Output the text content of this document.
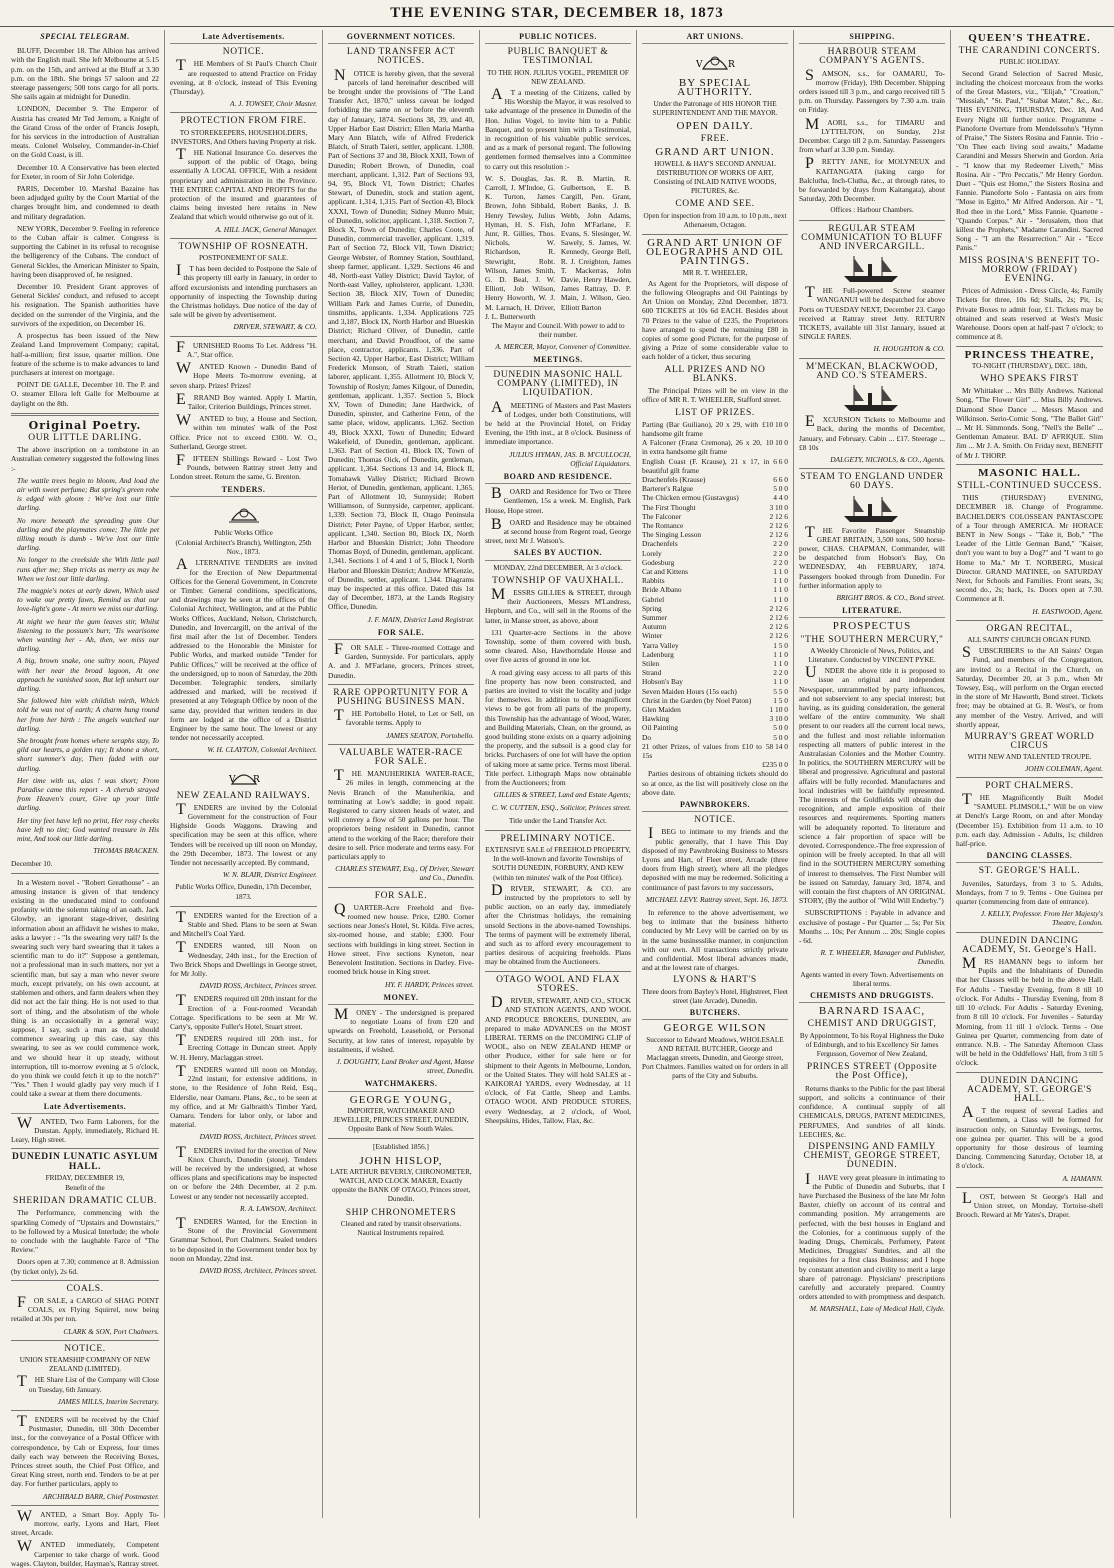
THE EVENING STAR, DECEMBER 18, 1873
SPECIAL TELEGRAM.

BLUFF, December 18. The Albion has arrived with the English mail. She left Melbourne at 5.15 p.m. on the 15th, and arrived at the Bluff at 3.30 p.m. on the 18th. She brings 57 saloon and 22 steerage passengers; 500 tons cargo for all ports. She sails again at midnight for Dunedin.

LONDON, December 9. The Emperor of Austria has created Mr Ted Jernom, a Knight of the Grand Cross of the order of Francis Joseph, for his services in the introduction of Australian meats. Colonel Wolseley, Commander-in-Chief on the Gold Coast, is ill.

December 10. A Conservative has been elected for Exeter, in room of Sir John Coleridge.

PARIS, December 10. Marshal Bazaine has been adjudged guilty by the Court Martial of the charges brought him, and condemned to death and military degradation.

NEW YORK, December 9. Feeling in reference to the Cuban affair is calmer. Congress is supporting the Cabinet in its refusal to recognise the belligerency of the Cubans. The conduct of General Sickles, the American Minister to Spain, having been disapproved of, he resigned.

December 10. President Grant approves of General Sickles' conduct, and refused to accept his resignation. The Spanish authorities have decided on the surrender of the Virginia, and the survivors of the expedition, on December 16.

A prospectus has been issued of the New Zealand Land Improvement Company; capital, half-a-million; first issue, quarter million. One feature of the scheme is to make advances to land purchasers at interest on mortgage.

POINT DE GALLE, December 10. The P. and O. steamer Ellora left Galle for Melbourne at daylight on the 8th.

Original Poetry.
OUR LITTLE DARLING.

The above inscription on a tombstone in an Australian cemetery suggested the following lines :-

The wattle trees begin to bloom, And load the air with sweet perfume; But spring's green robe is edged with gloom : We've lost our little darling.

No more beneath the spreading gum Our darling and the playmates come; The little pet tilling mouth is dumb - We've lost our little darling.

No longer to the creekside she With little pail runs after me; Shep tricks as merry as may be When we lost our little darling.

The magpie's notes at early dawn, Which used to wake our pretty fawn, Remind us that our love-light's gone - At morn we miss our darling.

At night we hear the gum leaves stir, Whilst listening to the possum's burr, 'Tis wearisome when wanting her - Ah, then, we miss our darling.

A big, brown snake, one sultry noon, Played with her near the broad lagoon, At one approach he vanished soon, But left unhurt our darling.

She followed him with childish mirth, Which told he was not of earth; A charm hung round her from her birth : The angels watched our darling.

She brought from homes where seraphs stay, To gild our hearts, a golden ray; It shone a short, short summer's day, Then faded with our darling.

Her time with us, alas ! was short; From Paradise came this report - A cherub strayed from Heaven's court, Give up your little darling.

Her tiny feet have left no print, Her rosy cheeks have left no tint; God wanted treasure in His mint, And took our little darling.

THOMAS BRACKEN.
December 10.

In a Western novel - "Robert Greathouse" - an amusing instance is given of that tendency existing in the uneducated mind to confound profanity with the solemn taking of an oath. Jack Glowby, an ignorant stage-driver, desiring information about an affidavit he wishes to make, asks a lawyer : - "Is the swearing very tall? Is the swearing such very hard swearing that it takes a scientific man to do it?" Suppose a gentleman, not a professional man in such matters, nor yet a scientific man, but say a man who never swore much, except privately, on his own account, at stablemen and others, and farm dealers when they did not act the fair thing. He is not used to that sort of thing, and the absolutism of the whole thing is an occasionally in a general way; suppose, I say, such a man as that should commence swearing up this case, say this swearing, to see as we could commence work, and we should hear it up steady, without interruption, till to-morrow evening at 5 o'clock, do you think we could fetch it up to the notch?" "Yes." Then I would gladly pay very much if I could take a swear at them there documents.

Late Advertisements.

WANTED, Two Farm Laborers, for the Dunstan. Apply, immediately, Richard H. Leary, High street.

DUNEDIN LUNATIC ASYLUM HALL.
FRIDAY, DECEMBER 19,
Benefit of the
SHERIDAN DRAMATIC CLUB.

The Performance, commencing with the sparkling Comedy of "Upstairs and Downstairs," to be followed by a Musical Interlude; the whole to conclude with the laughable Farce of "The Review."

Doors open at 7.30; commence at 8. Admission (by ticket only), 2s 6d.

COALS.

FOR SALE, a CARGO of SHAG POINT COALS, ex Flying Squirrel, now being retailed at 30s per ton.

CLARK & SON, Port Chalmers.
NOTICE.
UNION STEAMSHIP COMPANY OF NEW ZEALAND (LIMITED).

THE Share List of the Company will Close on Tuesday, 6th January.

JAMES MILLS, Interim Secretary.

TENDERS will be received by the Chief Postmaster, Dunedin, till 30th December inst., for the conveyance of a Postal Officer with correspondence, by Cab or Express, four times daily each way between the Receiving Boxes, Princes street south, the Chief Post Office, and Great King street, north end. Tenders to be at per day. For further particulars, apply to

ARCHIBALD BARR, Chief Postmaster.

WANTED, a Smart Boy. Apply To-morrow, early, Lyons and Hart, Fleet street, Arcade.

WANTED immediately, Competent Carpenter to take charge of work. Good wages. Clayton, builder, Hayman's, Rattray street.

Late Advertisements.
NOTICE.

THE Members of St Paul's Church Choir are requested to attend Practice on Friday evening, at 8 o'clock, instead of This Evening (Thursday).

A. J. TOWSEY, Choir Master.
PROTECTION FROM FIRE.
TO STOREKEEPERS, HOUSEHOLDERS, INVESTORS, And Others having Property at risk.

THE National Insurance Co. deserves the support of the public of Otago, being essentially A LOCAL OFFICE, With a resident proprietary and administration in the Province. THE ENTIRE CAPITAL AND PROFITS for the protection of the insured and guarantees of claims being invested here retains in New Zealand that which would otherwise go out of it.

A. HILL JACK, General Manager.
TOWNSHIP OF ROSNEATH.
POSTPONEMENT OF SALE.

IT has been decided to Postpone the Sale of this property till early in January, in order to afford excursionists and intending purchasers an opportunity of inspecting the Township during the Christmas holidays. Due notice of the day of sale will be given by advertisement.

DRIVER, STEWART, & CO.

FURNISHED Rooms To Let. Address "H. A.", Star office.

WANTED Known - Dunedin Band of Hope Meets To-morrow evening, at seven sharp. Prizes! Prizes!

ERRAND Boy wanted. Apply I. Martin, Tailor, Criterion Buildings, Princes street.

WANTED to buy, a House and Section, within ten minutes' walk of the Post Office. Price not to exceed £300. W. O., Sutherland, George street.

FIFTEEN Shillings Reward - Lost Two Pounds, between Rattray street Jetty and London street. Return the same, G. Brenton.

TENDERS.
Public Works Office
(Colonial Architect's Branch), Wellington, 25th Nov., 1873.

ALTERNATIVE TENDERS are invited for the Erection of New Departmental Offices for the General Government, in Concrete or Timber. General conditions, specifications, and drawings may be seen at the offices of the Colonial Architect, Wellington, and at the Public Works Offices, Auckland, Nelson, Christchurch, Dunedin, and Invercargill, on the arrival of the first mail after the 1st of December. Tenders addressed to the Honorable the Minister for Public Works, and marked outside "Tender for Public Offices," will be received at the office of the undersigned, up to noon of Saturday, the 20th December. Telegraphic tenders, similarly addressed and marked, will be received if presented at any Telegraph Office by noon of the same day, provided that written tenders in due form are lodged at the office of a District Engineer by the same hour. The lowest or any tender not necessarily accepted.

W. H. CLAYTON, Colonial Architect.
V R
NEW ZEALAND RAILWAYS.

TENDERS are invited by the Colonial Government for the construction of Four Highside Goods Waggons. Drawing and specification may be seen at this office, where Tenders will be received up till noon on Monday, the 29th December, 1873. The lowest or any Tender not necessarily accepted. By command,

W. N. BLAIR, District Engineer.
Public Works Office, Dunedin, 17th December, 1873.

TENDERS wanted for the Erection of a Stable and Shed. Plans to be seen at Swan and Mitchell's Coal Yard.

TENDERS wanted, till Noon on Wednesday, 24th inst., for the Erection of Two Brick Shops and Dwellings in George street, for Mr Jolly.

DAVID ROSS, Architect, Princes street.

TENDERS required till 20th instant for the Erection of a Four-roomed Verandah Cottage. Specifications to be seen at Mr W. Carty's, opposite Fuller's Hotel, Stuart street.

TENDERS required till 20th inst., for Erecting Cottage in Duncan street. Apply W. H. Henry, Maclaggan street.

TENDERS wanted till noon on Monday, 22nd instant, for extensive additions, in stone, to the Residence of John Reid, Esq., Elderslie, near Oamaru. Plans, &c., to be seen at my office, and at Mr Galbraith's Timber Yard, Oamaru. Tenders for labor only, or labor and material.

DAVID ROSS, Architect, Princes street.

TENDERS invited for the erection of New Knox Church, Dunedin (stone). Tenders will be received by the undersigned, at whose offices plans and specifications may be inspected on or before the 24th December, at 2 p.m. Lowest or any tender not necessarily accepted.

R. A. LAWSON, Architect.

TENDERS Wanted, for the Erection in Stone of the Provincial Government Grammar School, Port Chalmers. Sealed tenders to be deposited in the Government tender box by noon on Monday, 22nd inst.

DAVID ROSS, Architect, Princes street.
GOVERNMENT NOTICES.
LAND TRANSFER ACT NOTICES.

NOTICE is hereby given, that the several parcels of land hereinafter described will be brought under the provisions of "The Land Transfer Act, 1870," unless caveat be lodged forbidding the same on or before the eleventh day of January, 1874. Sections 38, 39, and 40, Upper Harbor East District; Ellen Maria Martha Mary Ann Blatch, wife of Alfred Frederick Blatch, of Strath Taieri, settler, applicant. 1,308. Part of Sections 37 and 38, Block XXII, Town of Dunedin; Robert Brown, of Dunedin, coal merchant, applicant. 1,312. Part of Sections 93, 94, 95, Block VI, Town District; Charles Stewart, of Dunedin, stock and station agent, applicant. 1,314, 1,315. Part of Section 43, Block XXXI, Town of Dunedin; Sidney Munro Muir, of Dunedin, solicitor, applicant. 1,318. Section 7, Block X, Town of Dunedin; Charles Coote, of Dunedin, commercial traveller, applicant. 1,319. Part of Section 72, Block VII, Town District; George Webster, of Romney Station, Southland, sheep farmer, applicant. 1,329. Sections 46 and 48, North-east Valley District; David Taylor, of North-east Valley, upholsterer, applicant. 1,330. Section 38, Block XIV, Town of Dunedin; William Park and James Currie, of Dunedin, tinsmiths, applicants. 1,334. Applications 725 and 3,187, Block IX, North Harbor and Blueskin District; Richard Oliver, of Dunedin, cattle merchant, and David Proudfoot, of the same place, contractor, applicants. 1,336. Part of Section 42, Upper Harbor, East District; William Frederick Monson, of Strath Taieri, station laborer, applicant. 1,355. Allotment 10, Block V, Township of Roslyn; James Kilgour, of Dunedin, gentleman, applicant. 1,357. Section 5, Block XV, Town of Dunedin; Jane Hardwick, of Dunedin, spinster, and Catherine Fenn, of the same place, widow, applicants. 1,362. Section 49, Block XXXI, Town of Dunedin; Edward Wakefield, of Dunedin, gentleman, applicant. 1,363. Part of Section 41, Block IX, Town of Dunedin; Thomas Oick, of Dunedin, gentleman, applicant. 1,364. Sections 13 and 14, Block II, Tomahawk Valley District; Richard Brown Heriot, of Dunedin, gentleman, applicant. 1,365. Part of Allotment 10, Sunnyside; Robert Williamson, of Sunnyside, carpenter, applicant. 1,339. Section 73, Block II, Otago Peninsula District; Peter Payne, of Upper Harbor, settler, applicant. 1,340. Section 80, Block IX, North Harbor and Blueskin District; John Theodore Thomas Boyd, of Dunedin, gentleman, applicant. 1,341. Sections 1 of 4 and 1 of 5, Block I, North Harbor and Blueskin District; Andrew M'Kenzie, of Dunedin, settler, applicant. 1,344. Diagrams may be inspected at this office. Dated this 1st day of December, 1873, at the Lands Registry Office, Dunedin.

J. F. MAIN, District Land Registrar.
FOR SALE.

FOR SALE - Three-roomed Cottage and Garden, Sunnyside. For particulars, apply A. and J. M'Farlane, grocers, Princes street, Dunedin.

RARE OPPORTUNITY FOR A PUSHING BUSINESS MAN.

THE Portobello Hotel, to Let or Sell, on favorable terms. Apply to

JAMES SEATON, Portobello.
VALUABLE WATER-RACE FOR SALE.

THE MANUHERIKIA WATER-RACE, 26 miles in length, commencing at the Nevis Branch of the Manuherikia, and terminating at Low's saddle; in good repair. Registered to carry sixteen heads of water, and will convey a flow of 50 gallons per hour. The proprietors being resident in Dunedin, cannot attend to the working of the Race; therefore their desire to sell. Price moderate and terms easy. For particulars apply to

CHARLES STEWART, Esq., Of Driver, Stewart and Co., Dunedin.
FOR SALE.

QUARTER-Acre Freehold and five-roomed new house. Price, £280. Corner sections near Jones's Hotel, St. Kilda. Five acres, six-roomed house, and stable; £300. Four sections with buildings in king street. Section in Howe street. Five sections Kyneton, near Benevolent Institution. Sections in Darley. Five-roomed brick house in King street.

HY. F. HARDY, Princes street.
MONEY.

MONEY - The undersigned is prepared to negotiate Loans of from £20 and upwards on Freehold, Leasehold, or Personal Security, at low rates of interest, repayable by instalments, if wished.

J. DOUGHTY, Land Broker and Agent, Manse street, Dunedin.
WATCHMAKERS.
GEORGE YOUNG,
IMPORTER, WATCHMAKER AND JEWELLER, PRINCES STREET, DUNEDIN, Opposite Bank of New South Wales.
[Established 1856.]
JOHN HISLOP,
LATE ARTHUR BEVERLY, CHRONOMETER, WATCH, AND CLOCK MAKER, Exactly opposite the BANK OF OTAGO, Princes street, Dunedin.
SHIP CHRONOMETERS
Cleaned and rated by transit observations. Nautical Instruments repaired.
PUBLIC NOTICES.
PUBLIC BANQUET & TESTIMONIAL
TO THE HON. JULIUS VOGEL, PREMIER OF NEW ZEALAND.

AT a meeting of the Citizens, called by His Worship the Mayor, it was resolved to take advantage of the presence in Dunedin of the Hon. Julius Vogel, to invite him to a Public Banquet, and to present him with a Testimonial, in recognition of his valuable public services, and as a mark of personal regard. The following gentlemen formed themselves into a Committee to carry out this resolution :-

W. S. Douglas, Jas. Carroll, J. M'Indoe, G. K. Turton, James Brown, John Sibbald, Henry Tewsley, Julius Hyman, H. S. Fish, Junr, R. Gillies, Thos. Nichols, W. Richardson, R. Stewright, Robt. Wilson, James Smith, G. D. Beal, J. W. Elliott, Job Wilson, Henry Howorth, W. J. M. Larnach, H. Driver, J. L. Butterworth
R. B. Martin, R. Gulbertson, E. B. Cargill, Pen. Grant, Robert Banks, J. B. Webb, John Adams, John M'Farlane, F. Evans, S. Slesinger, W. Sawely, S. James, W. Kennedy, George Bell, R. J. Creighton, James T. Mackerras, John Davie, Henry Hawden, James Rattray, D. P. Main, J. Wilson, Geo. Elliott Barton
The Mayor and Council. With power to add to their number.
A. MERCER, Mayor, Convener of Committee.
MEETINGS.
DUNEDIN MASONIC HALL COMPANY (LIMITED), IN LIQUIDATION.

AMEETING of Masters and Past Masters of Lodges, under both Constitutions, will be held at the Provincial Hotel, on Friday Evening, the 19th inst., at 8 o'clock. Business of immediate importance.

JULIUS HYMAN, JAS. B. M'CULLOCH, Official Liquidators.
BOARD AND RESIDENCE.

BOARD and Residence for Two or Three Gentlemen, 15s a week. M. English, Park House, Hope street.

BOARD and Residence may be obtained at second house from Regent road, George street, next Mr J. Watson's.

SALES BY AUCTION.
MONDAY, 22nd DECEMBER, At 3 o'clock.
TOWNSHIP OF VAUXHALL.

MESSRS GILLIES & STREET, through their Auctioneers, Messrs M'Landress, Hepburn, and Co., will sell in the Rooms of the latter, in Manse street, as above, about

131 Quarter-acre Sections in the above Township, some of them covered with bush, some cleared. Also, Hawthorndale House and over five acres of ground in one lot.

A road giving easy access to all parts of this fine property has now been constructed, and parties are invited to visit the locality and judge for themselves. In addition to the magnificent views to be got from all parts of the property, this Township has the advantage of Wood, Water, and Building Materials, Clean, on the ground, as good building stone exists on a quarry adjoining the property, and the subsoil is a good clay for bricks. Purchasers of one lot will have the option of taking more at same price. Terms most liberal. Title perfect. Lithograph Maps now obtainable from the Auctioneers; from

GILLIES & STREET, Land and Estate Agents;
C. W. CUTTEN, ESQ., Solicitor, Princes street.
Title under the Land Transfer Act.
PRELIMINARY NOTICE.
EXTENSIVE SALE of FREEHOLD PROPERTY, In the well-known and favorite Townships of SOUTH DUNEDIN, FORBURY, AND KEW (within ten minutes' walk of the Post Office).

DRIVER, STEWART, & CO. are instructed by the proprietors to sell by public auction, on an early day, immediately after the Christmas holidays, the remaining unsold Sections in the above-named Townships. The terms of payment will be extremely liberal, and such as to afford every encouragement to parties desirous of acquiring freeholds. Plans may be obtained from the Auctioneers.

OTAGO WOOL AND FLAX STORES.

DRIVER, STEWART, AND CO., STOCK AND STATION AGENTS, AND WOOL AND PRODUCE BROKERS, DUNEDIN, are prepared to make ADVANCES on the MOST LIBERAL TERMS on the INCOMING CLIP of WOOL, also on NEW ZEALAND HEMP or other Produce, either for sale here or for shipment to their Agents in Melbourne, London, or the United States. They will hold SALES at - KAIKORAI YARDS, every Wednesday, at 11 o'clock, of Fat Cattle, Sheep and Lambs. OTAGO WOOL AND PRODUCE STORES, every Wednesday, at 2 o'clock, of Wool, Sheepskins, Hides, Tallow, Flax, &c.

ART UNIONS.
V	R
BY SPECIAL AUTHORITY.
Under the Patronage of HIS HONOR THE SUPERINTENDENT AND THE MAYOR.
OPEN DAILY.
FREE.
GRAND ART UNION.
HOWELL & HAY'S SECOND ANNUAL DISTRIBUTION OF WORKS OF ART, Consisting of INLAID NATIVE WOODS, PICTURES, &c.
COME AND SEE.
Open for inspection from 10 a.m. to 10 p.m., next Athenaeum, Octagon.
GRAND ART UNION OF OLEOGRAPHS AND OIL PAINTINGS.
MR R. T. WHEELER,

As Agent for the Proprietors, will dispose of the following Oleographs and Oil Paintings by Art Union on Monday, 22nd December, 1873. 600 TICKETS at 10s 6d EACH. Besides about 70 Prizes to the value of £235, the Proprietors have arranged to spend the remaining £80 in copies of some good Picture, for the purpose of giving a Prize of some considerable value to each holder of a ticket, thus securing

ALL PRIZES AND NO BLANKS.

The Principal Prizes will be on view in the office of MR R. T. WHEELER, Stafford street.

LIST OF PRIZES.
Parting (Bar Guiliano), 20 x 29, with handsome gilt frame
£10 10 0
A Falconer (Franz Cremona), 26 x 20, in extra handsome gilt frame
10 10 0
English Coast (F. Krause), 21 x 17, in beautiful gilt frame
6 6 0
Drachenfels (Krause)	6 6 0
Barterer's Ralgue	5 0 0
The Chicken ermou (Gustavgus)	4 4 0
The First Thought	3 10 0
The Falconer	2 12 6
The Romance	2 12 6
The Singing Lesson	2 12 6
Drachenfels	2 2 0
Lorely	2 2 0
Godesburg	2 2 0
Cat and Kittens	1 1 0
Rabbits	1 1 0
Bride Albano	1 1 0
Gabriel	1 1 0
Spring	2 12 6
Summer	2 12 6
Autumn	2 12 6
Winter	2 12 6
Yarra Valley	1 5 0
Ladenburg	1 1 0
Stilen	1 1 0
Strand	2 2 0
Hobson's Bay	1 1 0
Seven Maiden Hours (15s each)	5 5 0
Christ in the Garden (by Noel Paton)	1 5 0
Glen Maiden	1 10 0
Hawking	3 10 0
Oil Painting	5 0 0
Do	5 0 0
21 other Prizes, of values from £10 to 15s
58 14 0
£235 0 0

Parties desirous of obtaining tickets should do so at once, as the list will positively close on the above date.

PAWNBROKERS.
NOTICE.

IBEG to intimate to my friends and the public generally, that I have This Day disposed of my Pawnbroking Business to Messrs Lyons and Hart, of Fleet street, Arcade (three doors from High street), where all the pledges deposited with me may be redeemed. Soliciting a continuance of past favors to my successors,

MICHAEL LEVY. Rattray street, Sept. 16, 1873.

In reference to the above advertisement, we beg to intimate that the business hitherto conducted by Mr Levy will be carried on by us in the same businesslike manner, in conjunction with our own. All transactions strictly private and confidential. Most liberal advances made, and at the lowest rate of charges.

LYONS & HART'S
Three doors from Bayley's Hotel, Highstreet, Fleet street (late Arcade), Dunedin.
BUTCHERS.
GEORGE WILSON
Successor to Edward Meadows, WHOLESALE AND RETAIL BUTCHER, George and Maclaggan streets, Dunedin, and George street, Port Chalmers. Families waited on for orders in all parts of the City and Suburbs.
SHIPPING.
HARBOUR STEAM COMPANY'S AGENTS.

SAMSON, s.s., for OAMARU, To-morrow (Friday), 19th December. Shipping orders issued till 3 p.m., and cargo received till 5 p.m. on Thursday. Passengers by 7.30 a.m. train on Friday.

MAORI, s.s., for TIMARU and LYTTELTON, on Sunday, 21st December. Cargo till 2 p.m. Saturday. Passengers from wharf at 3.30 p.m. Sunday.

PRETTY JANE, for MOLYNEUX and KAITANGATA (taking cargo for Balclutha, Inch-Clutha, &c., at through rates, to be forwarded by drays from Kaitangata), about Saturday, 20th December.

Offices : Harbour Chambers.
REGULAR STEAM COMMUNICATION TO BLUFF AND INVERCARGILL.

THE Full-powered Screw steamer WANGANUI will be despatched for above Ports on TUESDAY NEXT, December 23. Cargo received at Rattray street Jetty. RETURN TICKETS, available till 31st January, issued at SINGLE FARES.

H. HOUGHTON & CO.
M'MECKAN, BLACKWOOD, AND CO.'S STEAMERS.

EXCURSION Tickets to Melbourne and Back, during the months of December, January, and February. Cabin ... £17. Steerage ... £8 10s

DALGETY, NICHOLS, & CO., Agents.
STEAM TO ENGLAND UNDER 60 DAYS.

THE Favorite Passenger Steamship GREAT BRITAIN, 3,500 tons, 500 horse-power, CHAS. CHAPMAN, Commander, will be despatched from Hobson's Bay, On WEDNESDAY, 4th FEBRUARY, 1874. Passengers booked through from Dunedin. For further information apply to

BRIGHT BROS. & CO., Bond street.
LITERATURE.
PROSPECTUS
"THE SOUTHERN MERCURY,"
A Weekly Chronicle of News, Politics, and Literature. Conducted by VINCENT PYKE.

UNDER the above title it is proposed to issue an original and independent Newspaper, untrammelled by party influences, and not subservient to any special interest; but having, as its guiding consideration, the general welfare of the entire community. We shall present to our readers all the current local news, and the fullest and most reliable information respecting all matters of public interest in the Australasian Colonies and the Mother Country. In politics, the SOUTHERN MERCURY will be liberal and progressive. Agricultural and pastoral affairs will be fully recorded. Manufactures and local industries will be faithfully represented. The interests of the Goldfields will obtain due recognition, and ample exposition of their resources and requirements. Sporting matters will be adequately reported. To literature and science a fair proportion of space will be devoted. Correspondence.-The free expression of opinion will be freely accepted. In that all will find in the SOUTHERN MERCURY something of interest to themselves. The First Number will be issued on Saturday, January 3rd, 1874, and will contain the first chapters of AN ORIGINAL STORY, (By the author of "Wild Will Enderby.")

SUBSCRIPTIONS : Payable in advance and exclusive of postage - Per Quarter ... 5s; Per Six Months ... 10s; Per Annum ... 20s; Single copies - 6d.

R. T. WHEELER, Manager and Publisher, Dunedin.
Agents wanted in every Town. Advertisements on liberal terms.
CHEMISTS AND DRUGGISTS.
BARNARD ISAAC,
CHEMIST AND DRUGGIST,
By Appointment, To his Royal Highness the Duke of Edinburgh, and to his Excellency Sir James Fergusson, Governor of New Zealand,
PRINCES STREET (Opposite the Post Office),

Returns thanks to the Public for the past liberal support, and solicits a continuance of their confidence. A continual supply of all CHEMICALS, DRUGS, PATENT MEDICINES, PERFUMES, And sundries of all kinds. LEECHES, &c.

DISPENSING AND FAMILY CHEMIST, GEORGE STREET, DUNEDIN.

IHAVE very great pleasure in intimating to the Public of Dunedin and Suburbs, that I have Purchased the Business of the late Mr John Baxter, chiefly on account of its central and commanding position. My arrangements are perfected, with the best houses in England and the Colonies, for a continuous supply of the leading Drugs, Chemicals, Perfumery, Patent Medicines, Druggists' Sundries, and all the requisites for a first class Business; and I hope by constant attention and civility to merit a large share of patronage. Physicians' prescriptions carefully and accurately prepared. Country orders attended to with promptness and despatch.

M. MARSHALL, Late of Medical Hall, Clyde.
QUEEN'S THEATRE.
THE CARANDINI CONCERTS.
PUBLIC HOLIDAY.

Second Grand Selection of Sacred Music, including the choicest morceaux from the works of the Great Masters, viz., "Elijah," "Creation," "Messiah," "St. Paul," "Stabat Mater," &c., &c. THIS EVENING, THURSDAY, Dec. 18, And Every Night till further notice. Programme - Pianoforte Overture from Mendelssohn's "Hymn of Praise," The Sisters Rosina and Fannie. Trio - "On Thee each living soul awaits," Madame Carandini and Messrs Sherwin and Gordon. Aria - "I know that my Redeemer Liveth," Miss Rosina. Air - "Pro Peccatis," Mr Henry Gordon. Duet - "Quis est Homo," the Sisters Rosina and Fannie. Pianoforte Solo - Fantasia on airs from "Mose in Egitto," Mr Alfred Anderson. Air - "I, Rod thee in the Lord," Miss Fannie. Quartette - "Quando Corpus." Air - "Jerusalem, thou that killest the Prophets," Madame Carandini. Sacred Song - "I am the Resurrection." Air - "Ecce Panis."

MISS ROSINA'S BENEFIT TO-MORROW (FRIDAY) EVENING.

Prices of Admission - Dress Circle, 4s; Family Tickets for three, 10s 6d; Stalls, 2s; Pit, 1s; Private Boxes to admit four, £1. Tickets may be obtained and seats reserved at West's Music Warehouse. Doors open at half-past 7 o'clock; to commence at 8.

PRINCESS THEATRE,
TO-NIGHT (THURSDAY), DEC. 18th,
WHO SPEAKS FIRST

Mr Whittaker ... Mrs Billy Andrews. National Song, "The Flower Girl" ... Miss Billy Andrews. Diamond Shoe Dance ... Messrs Mason and Wilkinson. Serio-Comic Song, "The Ballet Girl" ... Mr H. Simmonds. Song, "Nell's the Belle" ... Gentleman Amateur. BAL D' AFRIQUE. Slim Jim ... Mr J. A. Smith. On Friday next, BENEFIT of Mr J. THORP.

MASONIC HALL.
STILL-CONTINUED SUCCESS.

THIS (THURSDAY) EVENING, DECEMBER 18. Change of Programme. BACHELDER'S COLOSSEAN PANTASCOPE of a Tour through AMERICA. Mr HORACE BENT in New Songs - "Take it, Bob," "The Leader of the Little German Band," "Kaiser, don't you want to buy a Dog?" and "I want to go Home to Ma." Mr T. NORBERG, Musical Director. GRAND MATINEE, on SATURDAY Next, for Schools and Families. Front seats, 3s; second do., 2s; back, 1s. Doors open at 7.30. Commence at 8.

H. EASTWOOD, Agent.
ORGAN RECITAL,
ALL SAINTS' CHURCH ORGAN FUND.

SUBSCRIBERS to the All Saints' Organ Fund, and members of the Congregation, are invited to a Recital in the Church, on Saturday, December 20, at 3 p.m., when Mr Towsey, Esq., will perform on the Organ erected in the store of Mr Haworth, Bond street. Tickets free; may be obtained at G. R. West's, or from any member of the Vestry. Arrived, and will shortly appear,

MURRAY'S GREAT WORLD CIRCUS
WITH NEW AND TALENTED TROUPE.
JOHN COLEMAN, Agent.
PORT CHALMERS.

THE Magnificently Built Model "SAMUEL PLIMSOLL," Will be on view at Dench's Large Room, on and after Monday (December 15). Exhibition from 11 a.m. to 10 p.m. each day. Admission - Adults, 1s; children half-price.

DANCING CLASSES.
ST. GEORGE'S HALL.

Juveniles, Saturdays, from 3 to 5. Adults, Mondays, from 7 to 9. Terms - One Guinea per quarter (commencing from date of entrance).

J. KELLY, Professor. From Her Majesty's Theatre, London.
DUNEDIN DANCING ACADEMY, St. George's Hall.

MRS HAMANN begs to inform her Pupils and the Inhabitants of Dunedin that her Classes will be held in the above Hall. For Adults - Tuesday Evening, from 8 till 10 o'clock. For Adults - Thursday Evening, from 8 till 10 o'clock. For Adults - Saturday Evening, from 8 till 10 o'clock. For Juveniles - Saturday Morning, from 11 till 1 o'clock. Terms - One Guinea per Quarter, commencing from date of entrance. N.B. - The Saturday Afternoon Class will be held in the Oddfellows' Hall, from 3 till 5 o'clock.

DUNEDIN DANCING ACADEMY, ST. GEORGE'S HALL.

AT the request of several Ladies and Gentlemen, a Class will be formed for instruction only, on Saturday Evenings, terms, one guinea per quarter. This will be a good opportunity for those desirous of learning Dancing. Commencing Saturday, October 18, at 8 o'clock.

A. HAMANN.

LOST, between St George's Hall and Union street, on Monday, Tortoise-shell Brooch. Reward at Mr Yates's, Draper.
